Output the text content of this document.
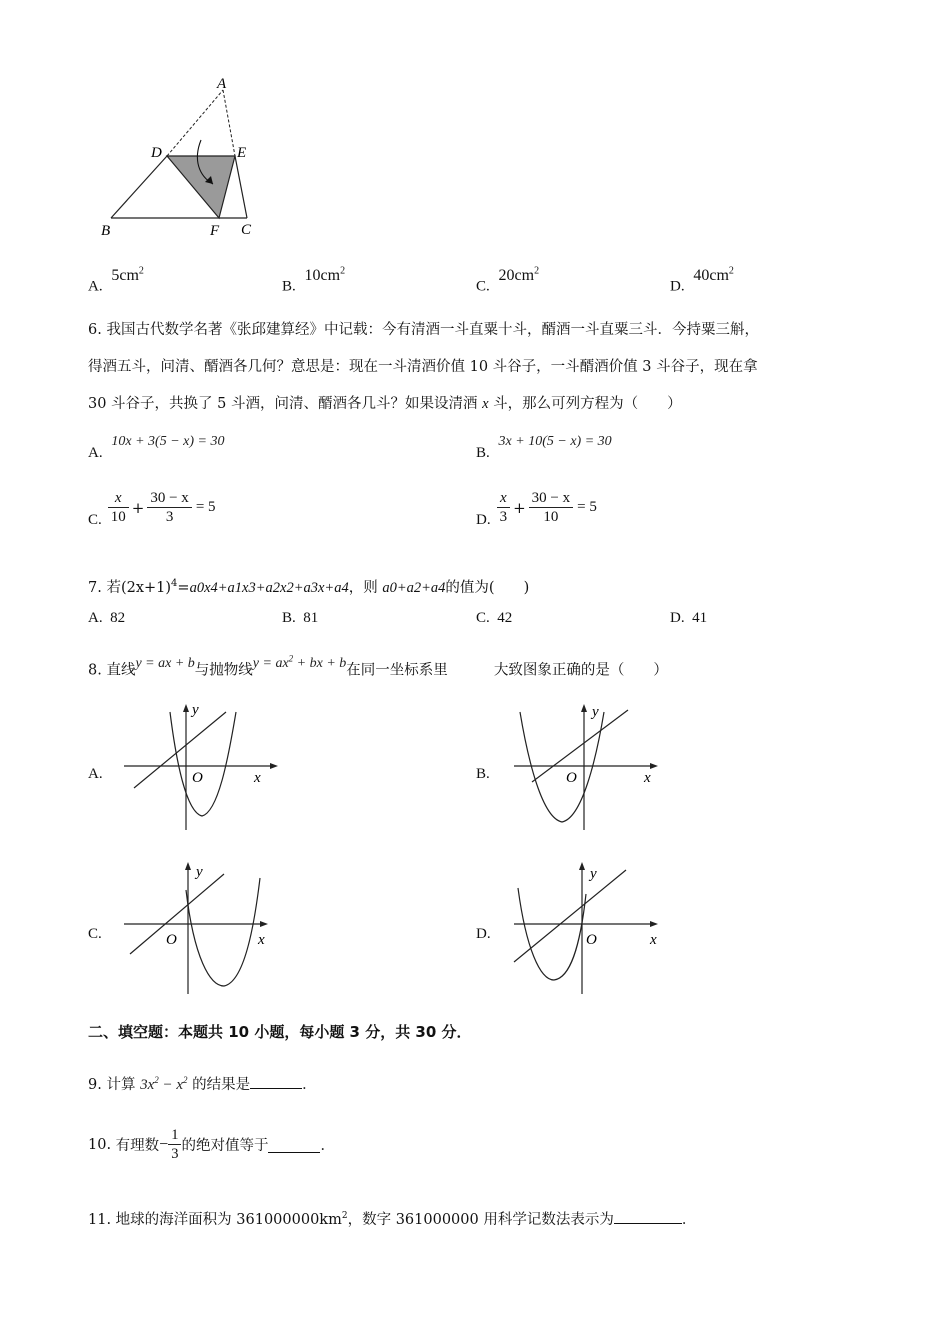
A
D	E
B	F C
A. $5cm^2$
B. $10cm^2$
C. $20cm^2$
D. $40cm^2$
6. 我国古代数学名著《张邱建算经》中记载：今有清酒一斗直粟十斗，醑酒一斗直粟三斗．今持粟三斛，
得酒五斗，问清、醑酒各几何？意思是：现在一斗清酒价值 10 斗谷子，一斗醑酒价值 3 斗谷子，现在拿
30 斗谷子，共换了 5 斗酒，问清、醑酒各几斗？如果设清酒 x 斗，那么可列方程为（　　）
A. 10x + 3(5 − x) = 30
B. 3x + 10(5 − x) = 30
C. $\frac{x}{10} + \frac{30 - x}{3} = 5$
D. $\frac{x}{3} + \frac{30 - x}{10} = 5$
7. 若$(2x+1)^4=a0x4+a1x3+a2x2+a3x+a4$，则 a0+a2+a4的值为(　　)
A. 82	B. 81	C. 42	D. 41
8. 直线y = ax + b与抛物线$y = ax^2$ + bx + b在同一坐标系里	大致图象正确的是（　　）
A.	B.
C.	D.
y
x
O
y
x
O
y
x
O
y
x
O
二、填空题：本题共 10 小题，每小题 3 分，共 30 分．
9. 计算 $3x^2 - x^2$ 的结果是	．
10.
有理数 − $\frac{1}{3}$ 的绝对值等于	．
11. 地球的海洋面积为 $361000000km^2$，数字 361000000 用科学记数法表示为	．
